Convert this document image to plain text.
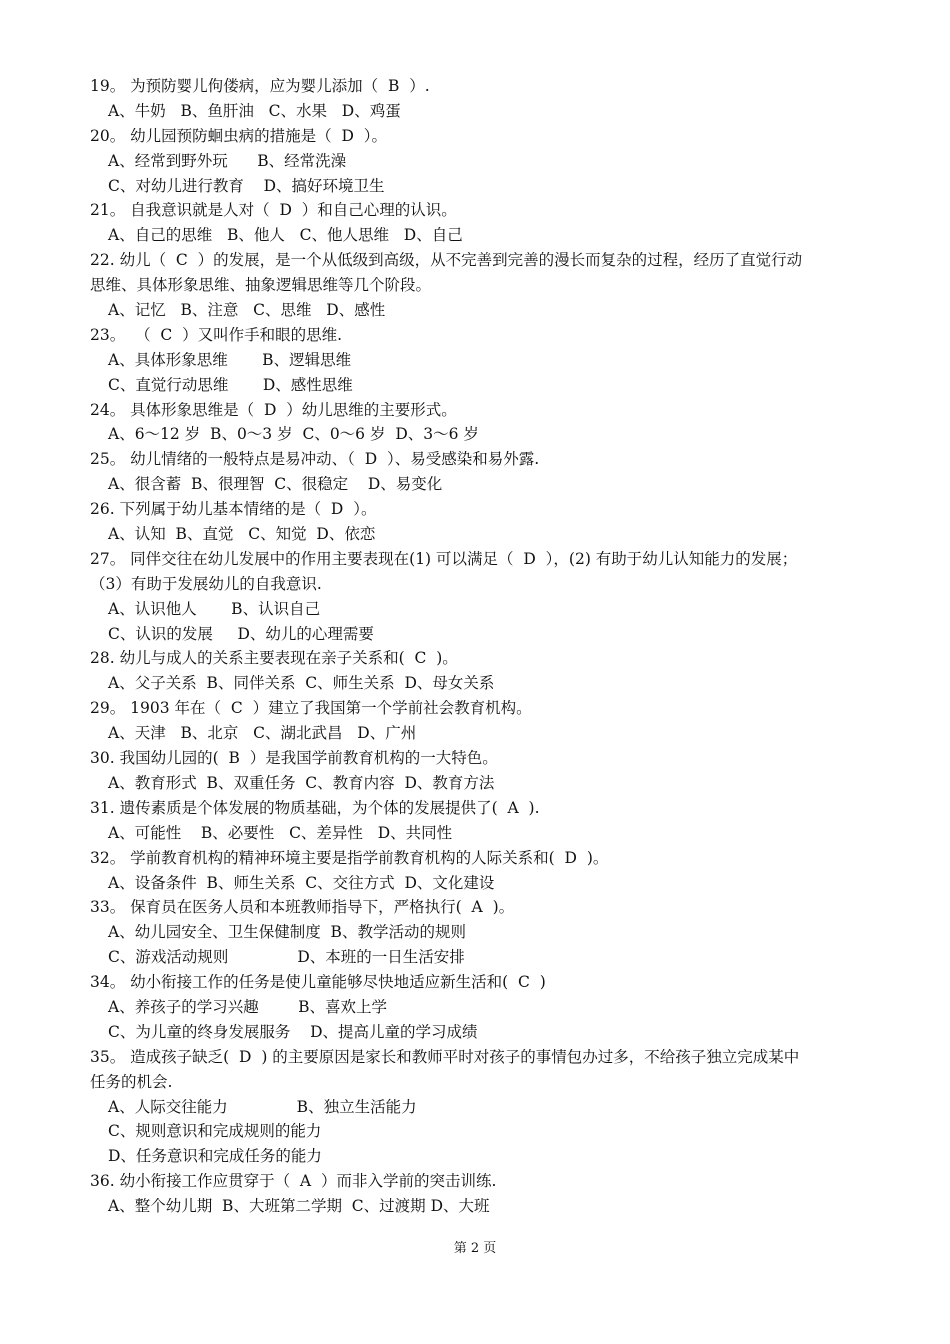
19。 为预防婴儿佝偻病，应为婴儿添加（  B  ）.
A、牛奶   B、鱼肝油   C、水果   D、鸡蛋
20。 幼儿园预防蛔虫病的措施是（  D  ）。
A、经常到野外玩      B、经常洗澡
C、对幼儿进行教育    D、搞好环境卫生
21。 自我意识就是人对（  D  ）和自己心理的认识。
A、自己的思维   B、他人   C、他人思维   D、自己
22. 幼儿（  C  ）的发展，是一个从低级到高级，从不完善到完善的漫长而复杂的过程，经历了直觉行动
思维、具体形象思维、抽象逻辑思维等几个阶段。
A、记忆   B、注意   C、思维   D、感性
23。  （  C  ）又叫作手和眼的思维.
A、具体形象思维       B、逻辑思维
C、直觉行动思维       D、感性思维
24。 具体形象思维是（  D  ）幼儿思维的主要形式。
A、6～12 岁  B、0～3 岁  C、0～6 岁  D、3～6 岁
25。 幼儿情绪的一般特点是易冲动、（  D  ）、易受感染和易外露.
A、很含蓄  B、很理智  C、很稳定    D、易变化
26. 下列属于幼儿基本情绪的是（  D  ）。
A、认知  B、直觉   C、知觉  D、依恋
27。 同伴交往在幼儿发展中的作用主要表现在(1) 可以满足（  D  ），(2) 有助于幼儿认知能力的发展；
（3）有助于发展幼儿的自我意识.
A、认识他人       B、认识自己
C、认识的发展     D、幼儿的心理需要
28. 幼儿与成人的关系主要表现在亲子关系和(  C  )。
A、父子关系  B、同伴关系  C、师生关系  D、母女关系
29。 1903 年在（  C  ）建立了我国第一个学前社会教育机构。
A、天津   B、北京   C、湖北武昌   D、广州
30. 我国幼儿园的(  B  ）是我国学前教育机构的一大特色。
A、教育形式  B、双重任务  C、教育内容  D、教育方法
31. 遗传素质是个体发展的物质基础，为个体的发展提供了(  A  ).
A、可能性    B、必要性   C、差异性   D、共同性
32。 学前教育机构的精神环境主要是指学前教育机构的人际关系和(  D  )。
A、设备条件  B、师生关系  C、交往方式  D、文化建设
33。 保育员在医务人员和本班教师指导下，严格执行(  A  )。
A、幼儿园安全、卫生保健制度  B、教学活动的规则
C、游戏活动规则              D、本班的一日生活安排
34。 幼小衔接工作的任务是使儿童能够尽快地适应新生活和(  C  )
A、养孩子的学习兴趣        B、喜欢上学
C、为儿童的终身发展服务    D、提高儿童的学习成绩
35。 造成孩子缺乏(  D  ) 的主要原因是家长和教师平时对孩子的事情包办过多，不给孩子独立完成某中
任务的机会.
A、人际交往能力              B、独立生活能力
C、规则意识和完成规则的能力
D、任务意识和完成任务的能力
36. 幼小衔接工作应贯穿于（  A  ）而非入学前的突击训练.
A、整个幼儿期  B、大班第二学期  C、过渡期 D、大班
第 2 页
